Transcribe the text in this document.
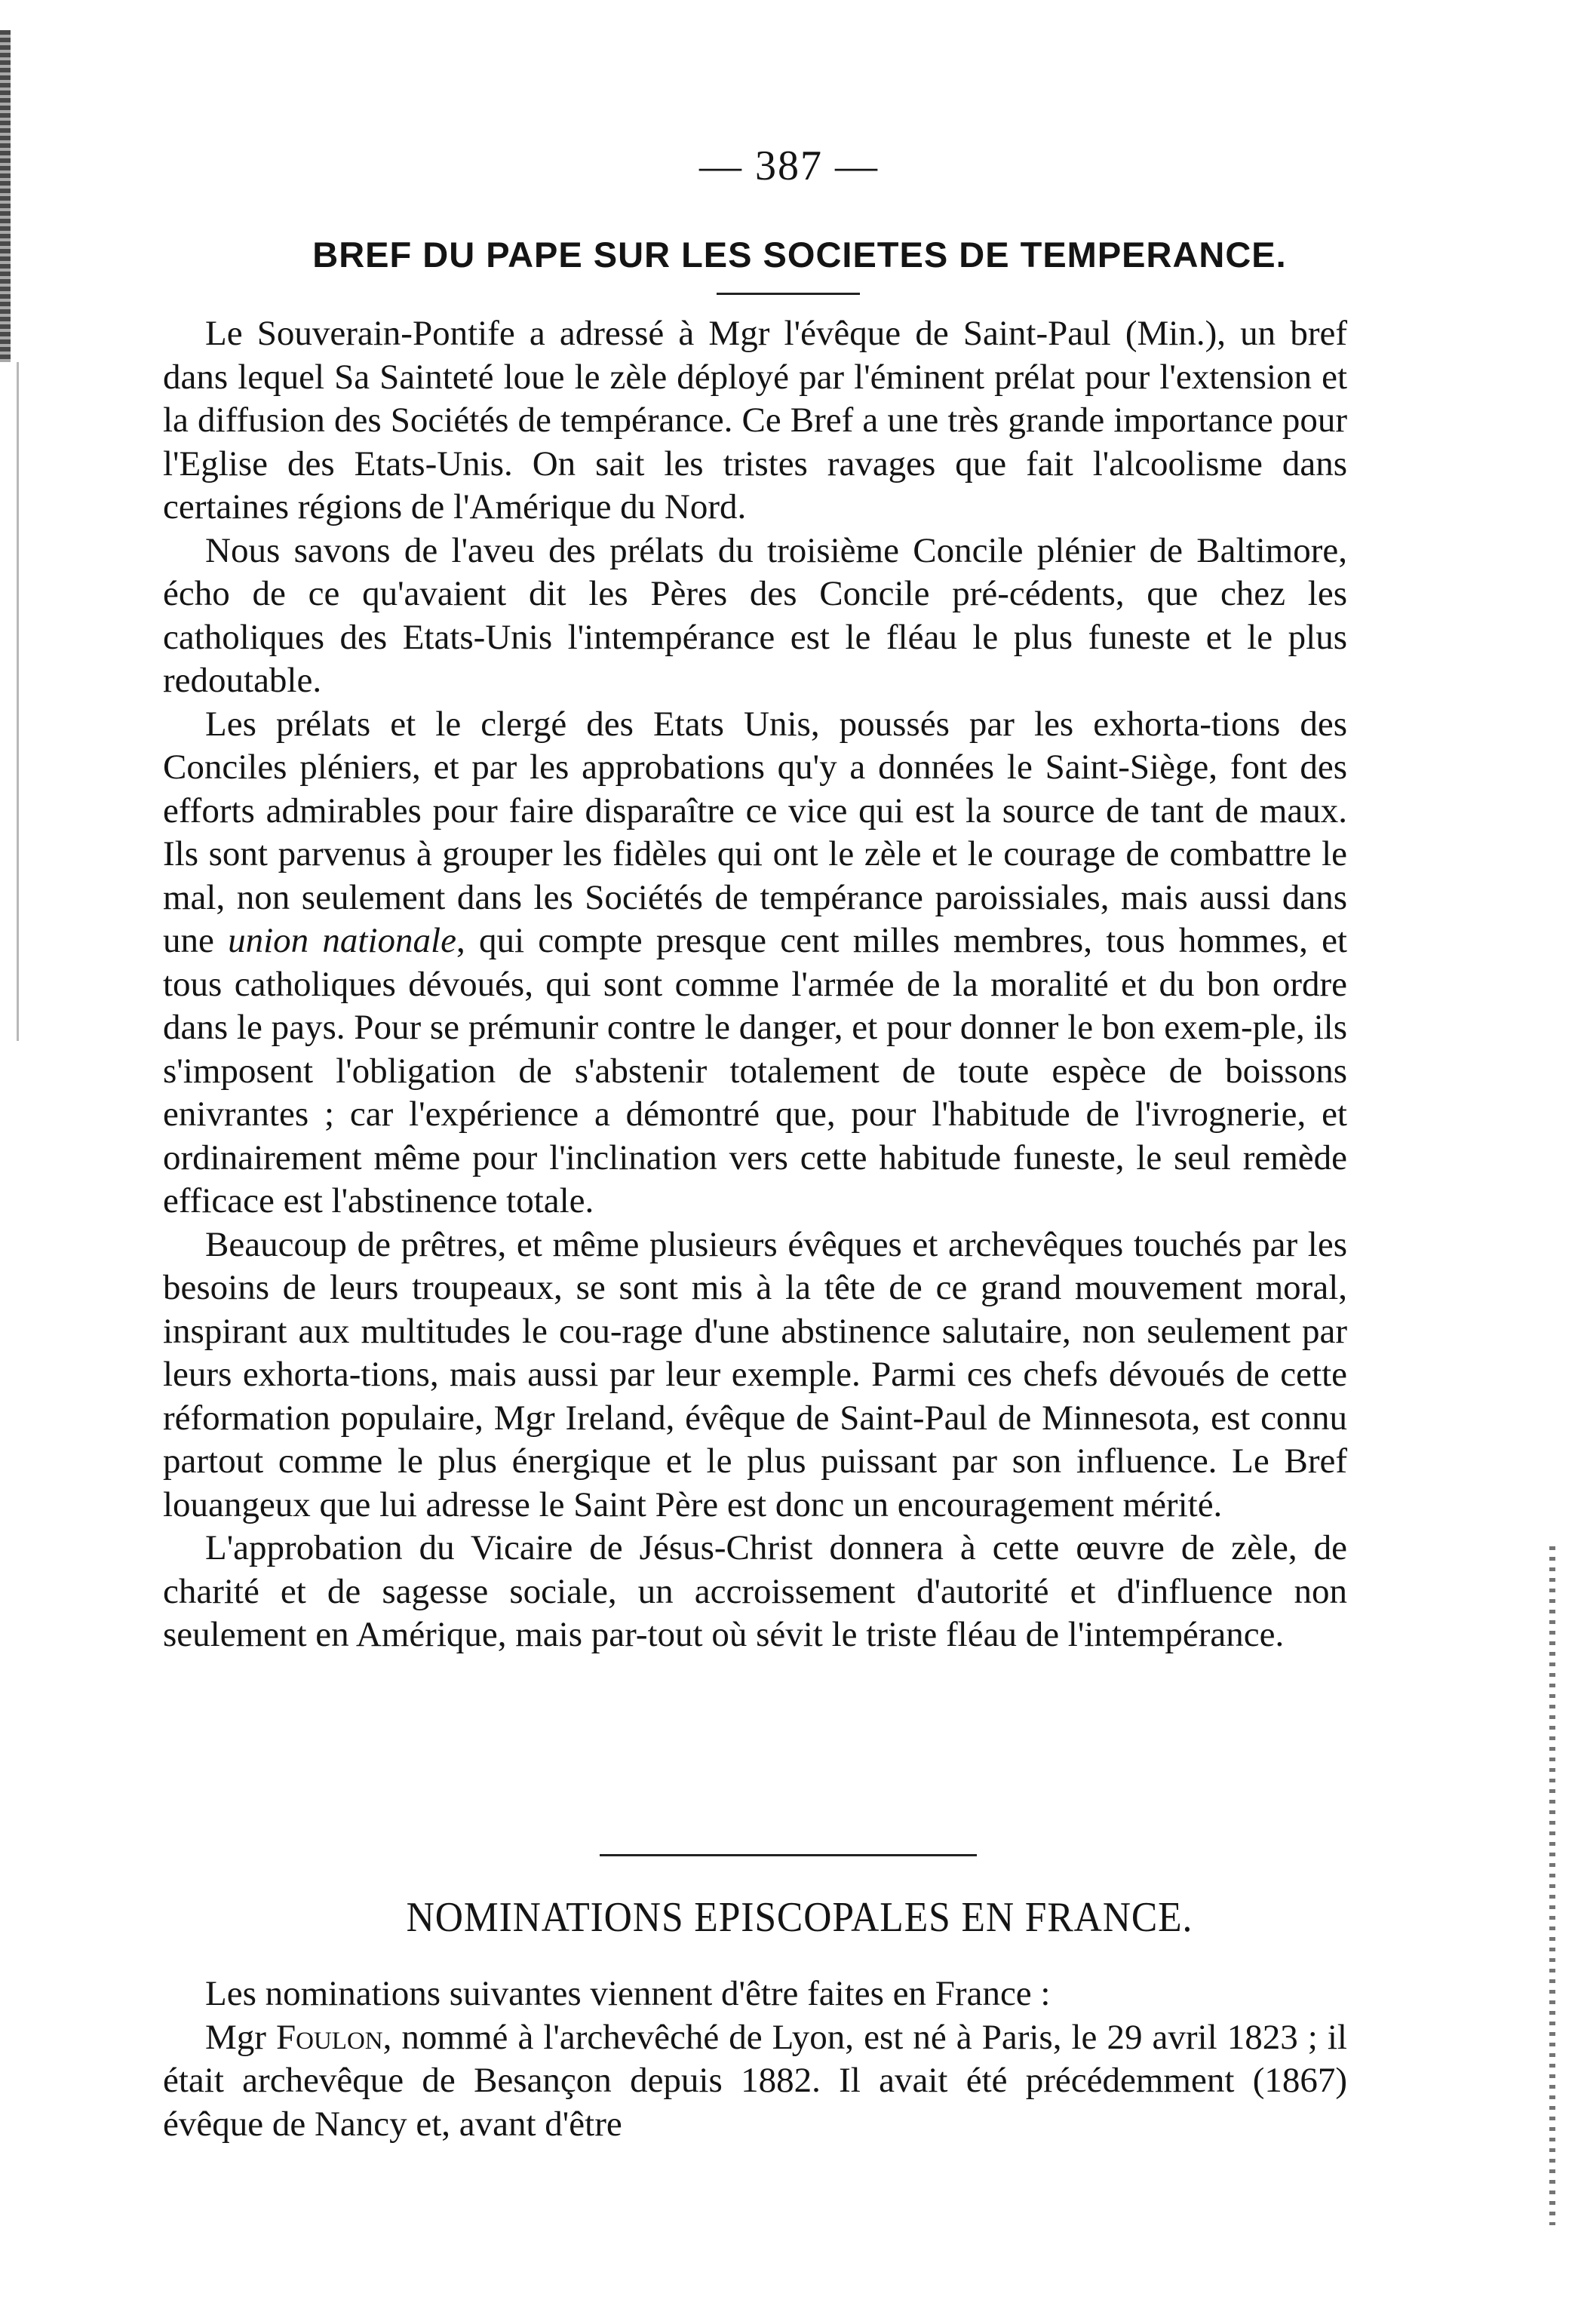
— 387 —
BREF DU PAPE SUR LES SOCIETES DE TEMPERANCE.

Le Souverain-Pontife a adressé à Mgr l'évêque de Saint-Paul (Min.), un bref dans lequel Sa Sainteté loue le zèle déployé par l'éminent prélat pour l'extension et la diffusion des Sociétés de tempérance. Ce Bref a une très grande importance pour l'Eglise des Etats-Unis. On sait les tristes ravages que fait l'alcoolisme dans certaines régions de l'Amérique du Nord.

Nous savons de l'aveu des prélats du troisième Concile plénier de Baltimore, écho de ce qu'avaient dit les Pères des Concile pré-cédents, que chez les catholiques des Etats-Unis l'intempérance est le fléau le plus funeste et le plus redoutable.

Les prélats et le clergé des Etats Unis, poussés par les exhorta-tions des Conciles pléniers, et par les approbations qu'y a données le Saint-Siège, font des efforts admirables pour faire disparaître ce vice qui est la source de tant de maux. Ils sont parvenus à grouper les fidèles qui ont le zèle et le courage de combattre le mal, non seulement dans les Sociétés de tempérance paroissiales, mais aussi dans une union nationale, qui compte presque cent milles membres, tous hommes, et tous catholiques dévoués, qui sont comme l'armée de la moralité et du bon ordre dans le pays. Pour se prémunir contre le danger, et pour donner le bon exem-ple, ils s'imposent l'obligation de s'abstenir totalement de toute espèce de boissons enivrantes ; car l'expérience a démontré que, pour l'habitude de l'ivrognerie, et ordinairement même pour l'inclination vers cette habitude funeste, le seul remède efficace est l'abstinence totale.

Beaucoup de prêtres, et même plusieurs évêques et archevêques touchés par les besoins de leurs troupeaux, se sont mis à la tête de ce grand mouvement moral, inspirant aux multitudes le cou-rage d'une abstinence salutaire, non seulement par leurs exhorta-tions, mais aussi par leur exemple. Parmi ces chefs dévoués de cette réformation populaire, Mgr Ireland, évêque de Saint-Paul de Minnesota, est connu partout comme le plus énergique et le plus puissant par son influence. Le Bref louangeux que lui adresse le Saint Père est donc un encouragement mérité.

L'approbation du Vicaire de Jésus-Christ donnera à cette œuvre de zèle, de charité et de sagesse sociale, un accroissement d'autorité et d'influence non seulement en Amérique, mais par-tout où sévit le triste fléau de l'intempérance.

NOMINATIONS EPISCOPALES EN FRANCE.

Les nominations suivantes viennent d'être faites en France :

Mgr Foulon, nommé à l'archevêché de Lyon, est né à Paris, le 29 avril 1823 ; il était archevêque de Besançon depuis 1882. Il avait été précédemment (1867) évêque de Nancy et, avant d'être
